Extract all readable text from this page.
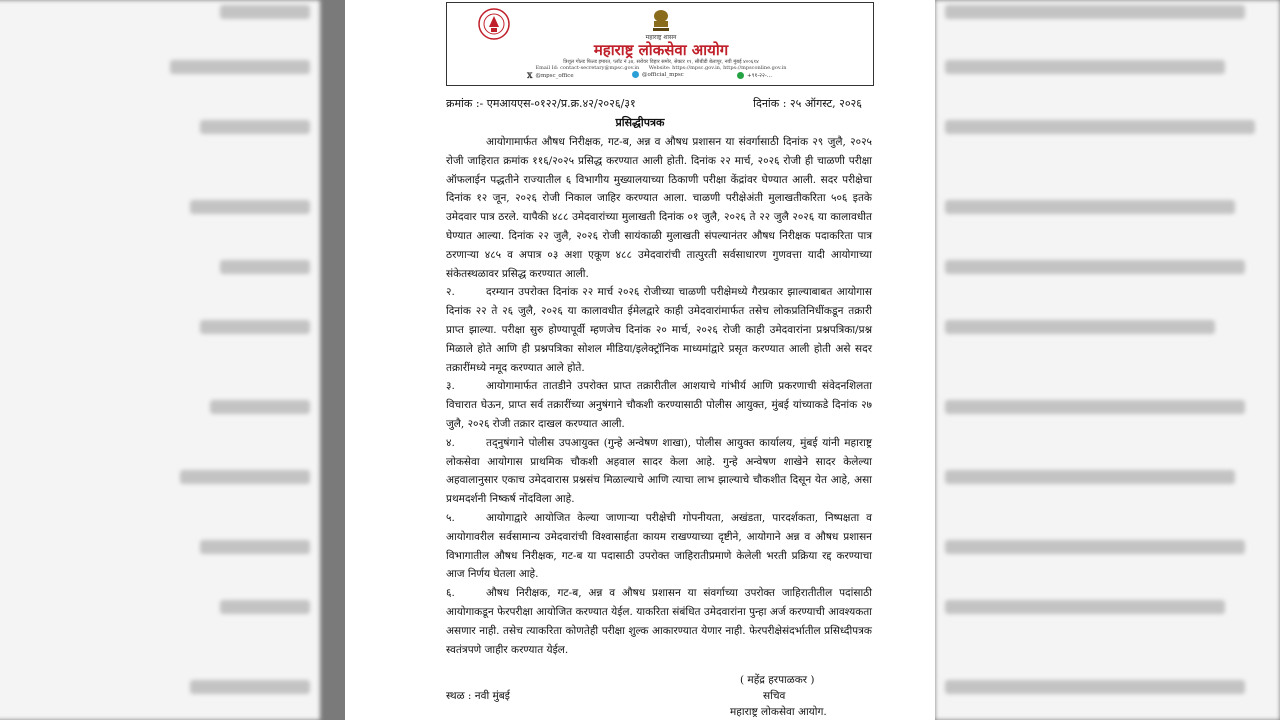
महाराष्ट्र शासन
महाराष्ट्र लोकसेवा आयोग
त्रिशूल गोल्ड फिल्ड इमारत, प्लॉट नं ३४, सरोवर विहार समोर, सेक्टर ११, सीबीडी बेलापूर, नवी मुंबई ४००६१४
Email Id: contact-secretary@mpsc.gov.in Website: https://mpsc.gov.in, https://mpsconline.gov.in
𝕏 @mpsc_office	@official_mpsc	+९१-२२-...
क्रमांक :- एमआयएस-०१२२/प्र.क्र.४२/२०२६/३१	दिनांक : २५ ऑगस्ट, २०२६
प्रसिद्धीपत्रक

आयोगामार्फत औषध निरीक्षक, गट-ब, अन्न व औषध प्रशासन या संवर्गासाठी दिनांक २९ जुलै, २०२५ रोजी जाहिरात क्रमांक ११६/२०२५ प्रसिद्ध करण्यात आली होती. दिनांक २२ मार्च, २०२६ रोजी ही चाळणी परीक्षा ऑफलाईन पद्धतीने राज्यातील ६ विभागीय मुख्यालयाच्या ठिकाणी परीक्षा केंद्रांवर घेण्यात आली. सदर परीक्षेचा दिनांक १२ जून, २०२६ रोजी निकाल जाहिर करण्यात आला. चाळणी परीक्षेअंती मुलाखतीकरिता ५०६ इतके उमेदवार पात्र ठरले. यापैकी ४८८ उमेदवारांच्या मुलाखती दिनांक ०१ जुलै, २०२६ ते २२ जुलै २०२६ या कालावधीत घेण्यात आल्या. दिनांक २२ जुलै, २०२६ रोजी सायंकाळी मुलाखती संपल्यानंतर औषध निरीक्षक पदाकरिता पात्र ठरणाऱ्या ४८५ व अपात्र ०३ अशा एकूण ४८८ उमेदवारांची तात्पुरती सर्वसाधारण गुणवत्ता यादी आयोगाच्या संकेतस्थळावर प्रसिद्ध करण्यात आली.

२.	दरम्यान उपरोक्त दिनांक २२ मार्च २०२६ रोजीच्या चाळणी परीक्षेमध्ये गैरप्रकार झाल्याबाबत आयोगास दिनांक २२ ते २६ जुलै, २०२६ या कालावधीत ईमेलद्वारे काही उमेदवारांमार्फत तसेच लोकप्रतिनिधींकडून तक्रारी प्राप्त झाल्या. परीक्षा सुरु होण्यापूर्वी म्हणजेच दिनांक २० मार्च, २०२६ रोजी काही उमेदवारांना प्रश्नपत्रिका/प्रश्न मिळाले होते आणि ही प्रश्नपत्रिका सोशल मीडिया/इलेक्ट्रॉनिक माध्यमांद्वारे प्रसृत करण्यात आली होती असे सदर तक्रारींमध्ये नमूद करण्यात आले होते.

३.	आयोगामार्फत तातडीने उपरोक्त प्राप्त तक्रारीतील आशयाचे गांभीर्य आणि प्रकरणाची संवेदनशिलता विचारात घेऊन, प्राप्त सर्व तक्रारींच्या अनुषंगाने चौकशी करण्यासाठी पोलीस आयुक्त, मुंबई यांच्याकडे दिनांक २७ जुलै, २०२६ रोजी तक्रार दाखल करण्यात आली.

४.	तद्नुषंगाने पोलीस उपआयुक्त (गुन्हे अन्वेषण शाखा), पोलीस आयुक्त कार्यालय, मुंबई यांनी महाराष्ट्र लोकसेवा आयोगास प्राथमिक चौकशी अहवाल सादर केला आहे. गुन्हे अन्वेषण शाखेने सादर केलेल्या अहवालानुसार एकाच उमेदवारास प्रश्नसंच मिळाल्याचे आणि त्याचा लाभ झाल्याचे चौकशीत दिसून येत आहे, असा प्रथमदर्शनी निष्कर्ष नोंदविला आहे.

५.	आयोगाद्वारे आयोजित केल्या जाणाऱ्या परीक्षेची गोपनीयता, अखंडता, पारदर्शकता, निष्पक्षता व आयोगावरील सर्वसामान्य उमेदवारांची विश्वासार्हता कायम राखण्याच्या दृष्टीने, आयोगाने अन्न व औषध प्रशासन विभागातील औषध निरीक्षक, गट-ब या पदासाठी उपरोक्त जाहिरातीप्रमाणे केलेली भरती प्रक्रिया रद्द करण्याचा आज निर्णय घेतला आहे.

६.	औषध निरीक्षक, गट-ब, अन्न व औषध प्रशासन या संवर्गाच्या उपरोक्त जाहिरातीतील पदांसाठी आयोगाकडून फेरपरीक्षा आयोजित करण्यात येईल. याकरिता संबंधित उमेदवारांना पुन्हा अर्ज करण्याची आवश्यकता असणार नाही. तसेच त्याकरिता कोणतेही परीक्षा शुल्क आकारण्यात येणार नाही. फेरपरीक्षेसंदर्भातील प्रसिध्दीपत्रक स्वतंत्रपणे जाहीर करण्यात येईल.

( महेंद्र हरपाळकर )
सचिव
महाराष्ट्र लोकसेवा आयोग.
स्थळ : नवी मुंबई
